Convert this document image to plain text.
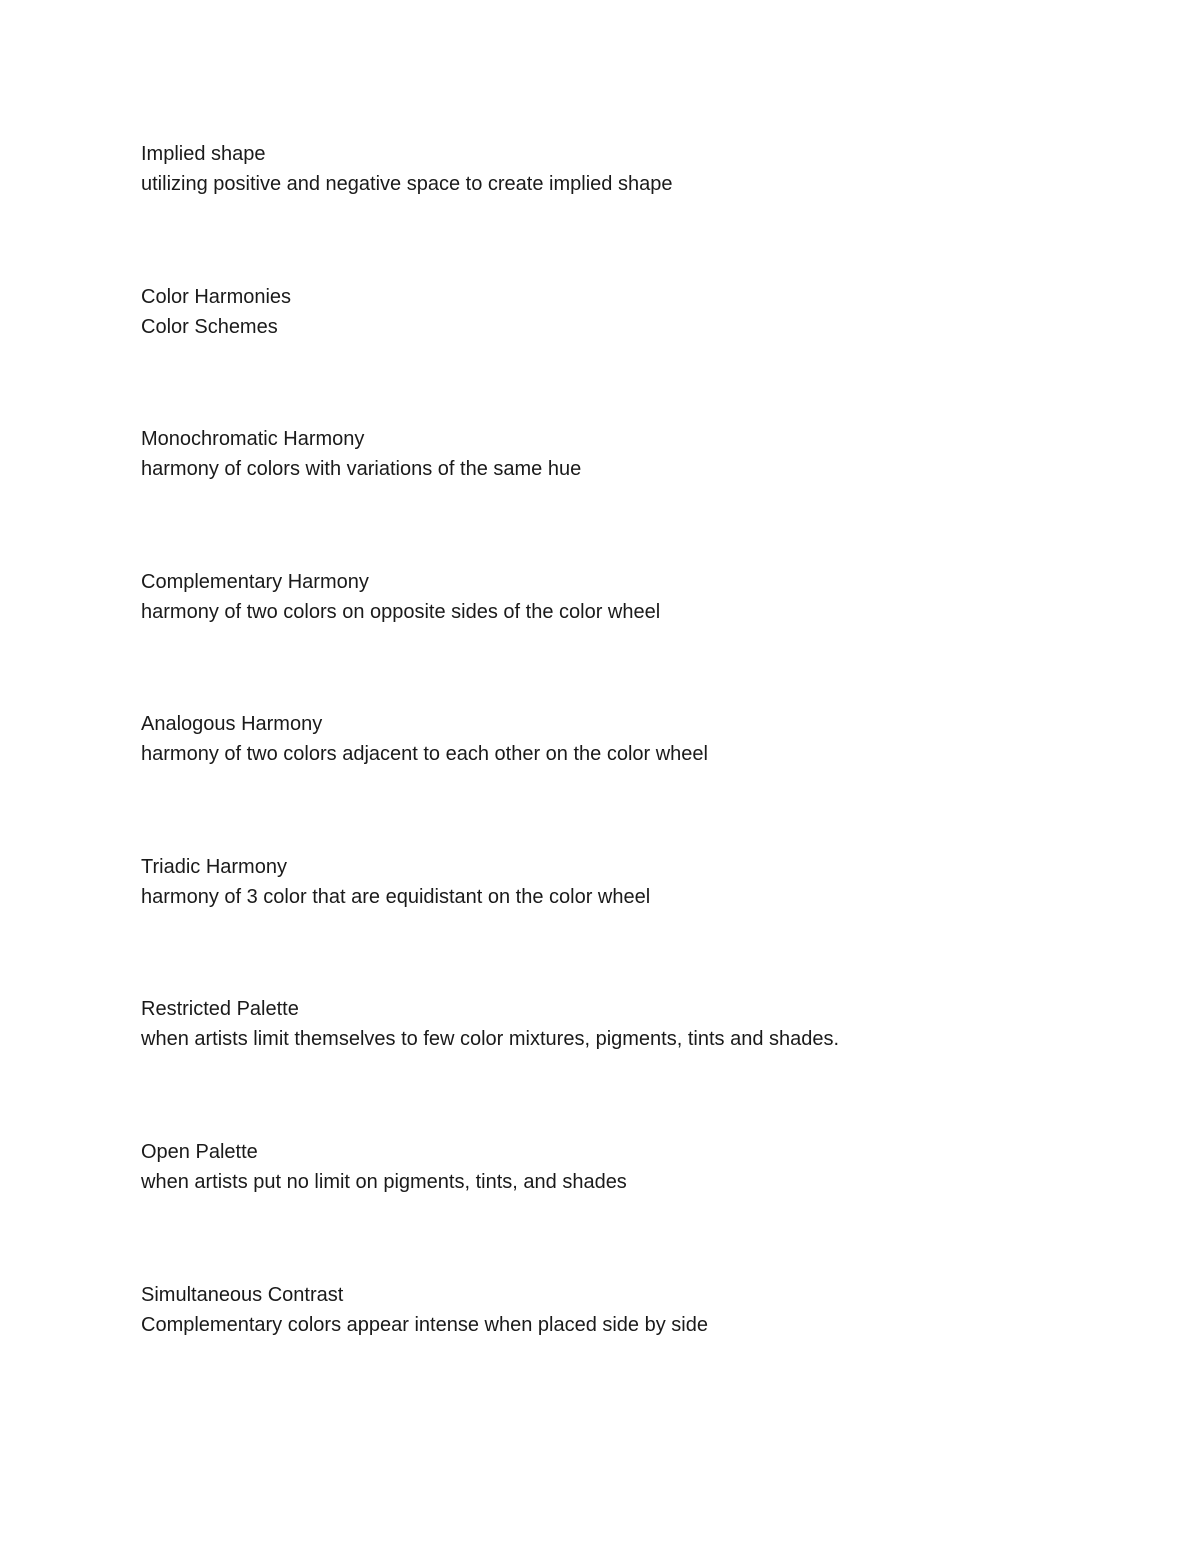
Implied shape
utilizing positive and negative space to create implied shape
Color Harmonies
Color Schemes
Monochromatic Harmony
harmony of colors with variations of the same hue
Complementary Harmony
harmony of two colors on opposite sides of the color wheel
Analogous Harmony
harmony of two colors adjacent to each other on the color wheel
Triadic Harmony
harmony of 3 color that are equidistant on the color wheel
Restricted Palette
when artists limit themselves to few color mixtures, pigments, tints and shades.
Open Palette
when artists put no limit on pigments, tints, and shades
Simultaneous Contrast
Complementary colors appear intense when placed side by side
